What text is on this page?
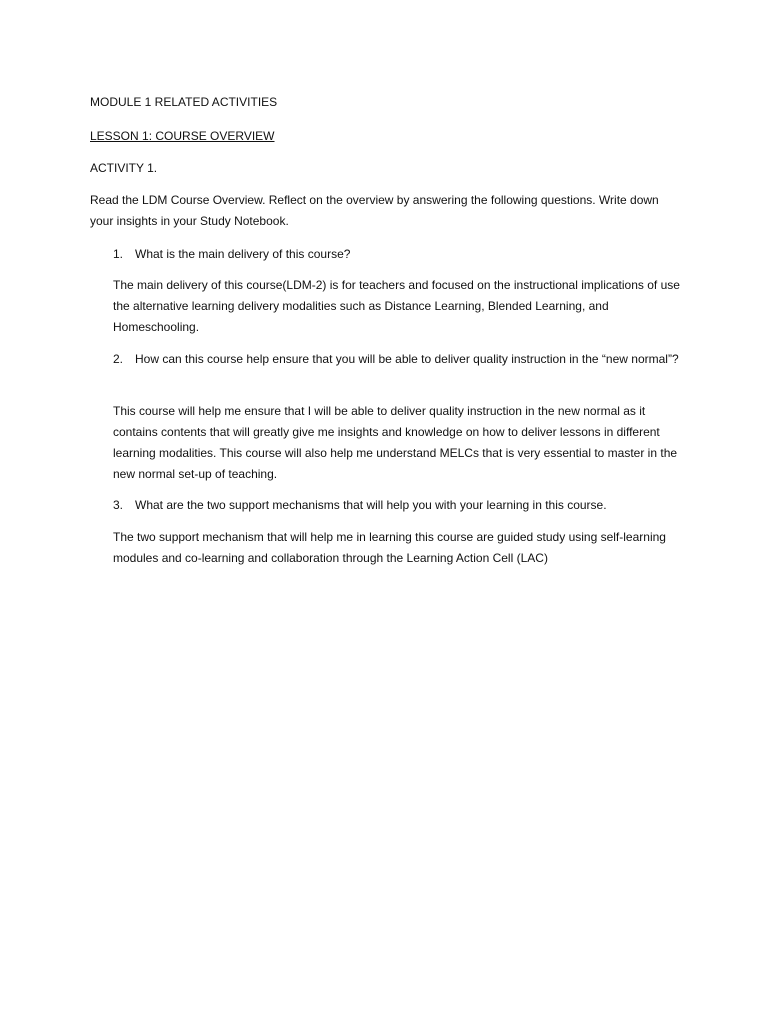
MODULE 1 RELATED ACTIVITIES

LESSON 1: COURSE OVERVIEW

ACTIVITY 1.

Read the LDM Course Overview. Reflect on the overview by answering the following questions. Write down your insights in your Study Notebook.

1. What is the main delivery of this course?

The main delivery of this course(LDM-2) is for teachers and focused on the instructional implications of use the alternative learning delivery modalities such as Distance Learning, Blended Learning, and Homeschooling.

2. How can this course help ensure that you will be able to deliver quality instruction in the “new normal”?

This course will help me ensure that I will be able to deliver quality instruction in the new normal as it contains contents that will greatly give me insights and knowledge on how to deliver lessons in different learning modalities. This course will also help me understand MELCs that is very essential to master in the new normal set-up of teaching.

3. What are the two support mechanisms that will help you with your learning in this course.

The two support mechanism that will help me in learning this course are guided study using self-learning modules and co-learning and collaboration through the Learning Action Cell (LAC)
